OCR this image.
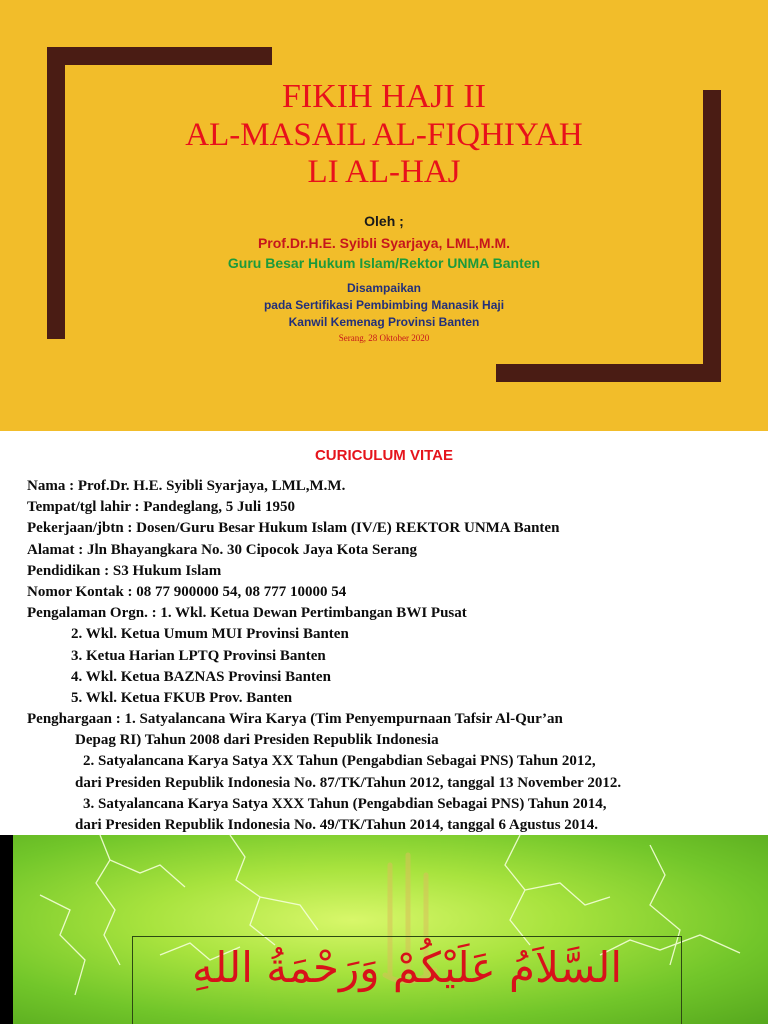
FIKIH HAJI II
AL-MASAIL AL-FIQHIYAH
LI AL-HAJ
Oleh ;
Prof.Dr.H.E. Syibli Syarjaya, LML,M.M.
Guru Besar Hukum Islam/Rektor UNMA Banten
Disampaikan
pada Sertifikasi Pembimbing Manasik Haji
Kanwil Kemenag Provinsi Banten
Serang, 28 Oktober 2020
CURICULUM VITAE
Nama : Prof.Dr. H.E. Syibli Syarjaya, LML,M.M.
Tempat/tgl lahir : Pandeglang, 5 Juli 1950
Pekerjaan/jbtn : Dosen/Guru Besar Hukum Islam (IV/E) REKTOR UNMA Banten
Alamat : Jln Bhayangkara No. 30 Cipocok Jaya Kota Serang
Pendidikan : S3 Hukum Islam
Nomor Kontak : 08 77 900000 54, 08 777 10000 54
Pengalaman Orgn. : 1. Wkl. Ketua Dewan Pertimbangan BWI Pusat
2. Wkl. Ketua Umum MUI Provinsi Banten
3. Ketua Harian LPTQ Provinsi Banten
4. Wkl. Ketua BAZNAS Provinsi Banten
5. Wkl. Ketua FKUB Prov. Banten
Penghargaan : 1. Satyalancana Wira Karya (Tim Penyempurnaan Tafsir Al-Qur’an
Depag RI) Tahun 2008 dari Presiden Republik Indonesia
2. Satyalancana Karya Satya XX Tahun (Pengabdian Sebagai PNS) Tahun 2012,
dari Presiden Republik Indonesia No. 87/TK/Tahun 2012, tanggal 13 November 2012.
3. Satyalancana Karya Satya XXX Tahun (Pengabdian Sebagai PNS) Tahun 2014,
dari Presiden Republik Indonesia No. 49/TK/Tahun 2014, tanggal 6 Agustus 2014.
السَّلاَمُ عَلَيْكُمْ وَرَحْمَةُ اللهِ
